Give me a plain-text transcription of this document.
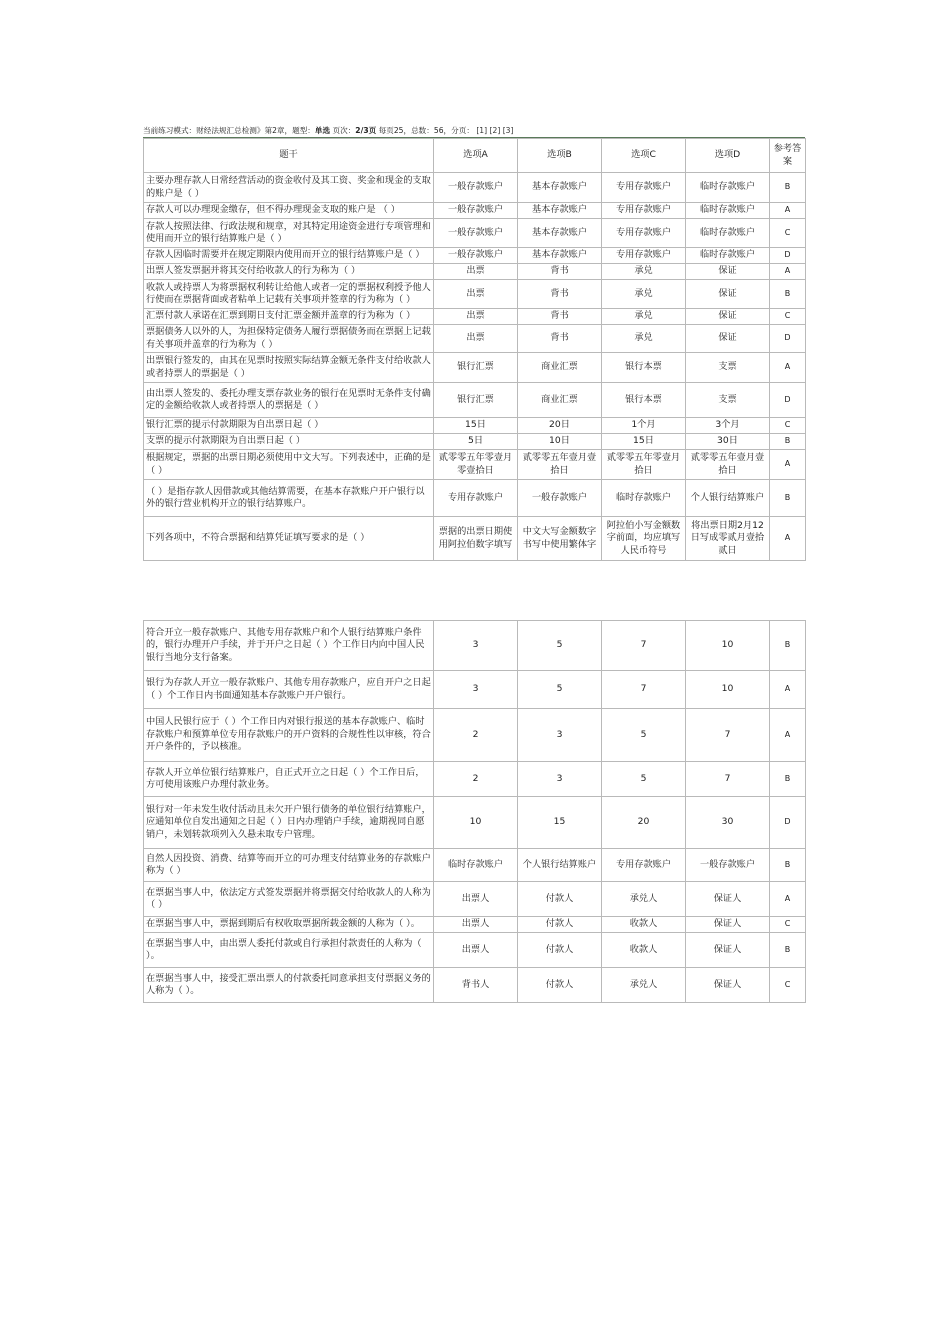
当前练习模式：财经法规汇总检测》第2章，题型：单选 页次：2/3页 每页25，总数：56，分页： [1] [2] [3]
题干	选项A	选项B	选项C	选项D	参考答案
主要办理存款人日常经营活动的资金收付及其工资、奖金和现金的支取的账户是（ ）	一般存款账户	基本存款账户	专用存款账户	临时存款账户	B
存款人可以办理现金缴存，但不得办理现金支取的账户是 （ ）	一般存款账户	基本存款账户	专用存款账户	临时存款账户	A
存款人按照法律、行政法规和规章，对其特定用途资金进行专项管理和使用而开立的银行结算账户是（ ）	一般存款账户	基本存款账户	专用存款账户	临时存款账户	C
存款人因临时需要并在规定期限内使用而开立的银行结算账户是（ ）	一般存款账户	基本存款账户	专用存款账户	临时存款账户	D
出票人签发票据并将其交付给收款人的行为称为（ ）	出票	背书	承兑	保证	A
收款人或持票人为将票据权利转让给他人或者一定的票据权利授予他人行使而在票据背面或者粘单上记载有关事项并签章的行为称为（ ）	出票	背书	承兑	保证	B
汇票付款人承诺在汇票到期日支付汇票金额并盖章的行为称为（ ）	出票	背书	承兑	保证	C
票据债务人以外的人，为担保特定债务人履行票据债务而在票据上记载有关事项并盖章的行为称为（ ）	出票	背书	承兑	保证	D
出票银行签发的，由其在见票时按照实际结算金额无条件支付给收款人或者持票人的票据是（ ）	银行汇票	商业汇票	银行本票	支票	A
由出票人签发的、委托办理支票存款业务的银行在见票时无条件支付确定的金额给收款人或者持票人的票据是（ ）	银行汇票	商业汇票	银行本票	支票	D
银行汇票的提示付款期限为自出票日起（ ）	15日	20日	1个月	3个月	C
支票的提示付款期限为自出票日起（ ）	5日	10日	15日	30日	B
根据规定，票据的出票日期必须使用中文大写。下列表述中，正确的是（ ）	贰零零五年零壹月零壹拾日	贰零零五年壹月壹拾日	贰零零五年零壹月拾日	贰零零五年壹月壹拾日	A
（ ）是指存款人因借款或其他结算需要，在基本存款账户开户银行以外的银行营业机构开立的银行结算账户。	专用存款账户	一般存款账户	临时存款账户	个人银行结算账户	B
下列各项中，不符合票据和结算凭证填写要求的是（ ）	票据的出票日期使用阿拉伯数字填写	中文大写金额数字书写中使用繁体字	阿拉伯小写金额数字前面，均应填写人民币符号	将出票日期2月12日写成零贰月壹拾贰日	A
符合开立一般存款账户、其他专用存款账户和个人银行结算账户条件的，银行办理开户手续，并于开户之日起（ ）个工作日内向中国人民银行当地分支行备案。	3	5	7	10	B
银行为存款人开立一般存款账户、其他专用存款账户，应自开户之日起（ ）个工作日内书面通知基本存款账户开户银行。	3	5	7	10	A
中国人民银行应于（ ）个工作日内对银行报送的基本存款账户、临时存款账户和预算单位专用存款账户的开户资料的合规性性以审核，符合开户条件的，予以核准。	2	3	5	7	A
存款人开立单位银行结算账户，自正式开立之日起（ ）个工作日后，方可使用该账户办理付款业务。	2	3	5	7	B
银行对一年未发生收付活动且未欠开户银行债务的单位银行结算账户，应通知单位自发出通知之日起（ ）日内办理销户手续，逾期视同自愿销户，未划转款项列入久悬未取专户管理。	10	15	20	30	D
自然人因投资、消费、结算等而开立的可办理支付结算业务的存款账户称为（ ）	临时存款账户	个人银行结算账户	专用存款账户	一般存款账户	B
在票据当事人中，依法定方式签发票据并将票据交付给收款人的人称为（ ）	出票人	付款人	承兑人	保证人	A
在票据当事人中，票据到期后有权收取票据所载金额的人称为（ ）。	出票人	付款人	收款人	保证人	C
在票据当事人中，由出票人委托付款或自行承担付款责任的人称为（ ）。	出票人	付款人	收款人	保证人	B
在票据当事人中，接受汇票出票人的付款委托同意承担支付票据义务的人称为（ ）。	背书人	付款人	承兑人	保证人	C
